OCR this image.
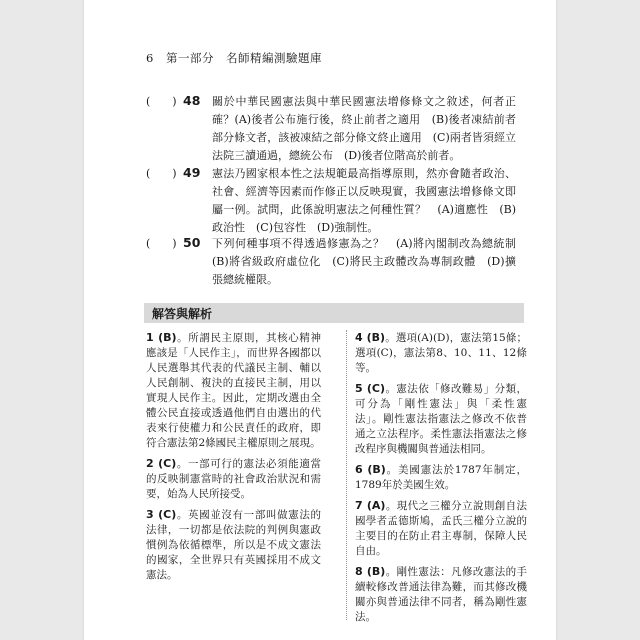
6 第一部分　名師精編測驗題庫
(　　) 48 關於中華民國憲法與中華民國憲法增修條文之敘述，何者正確？(A)後者公布施行後，終止前者之適用　(B)後者凍結前者部分條文者，該被凍結之部分條文終止適用　(C)兩者皆須經立法院三讀通過，總統公布　(D)後者位階高於前者。
(　　) 49 憲法乃國家根本性之法規範最高指導原則，然亦會隨者政治、社會、經濟等因素而作修正以反映現實，我國憲法增修條文即屬一例。試問，此係說明憲法之何種性質？　(A)適應性　(B)政治性　(C)包容性　(D)強制性。
(　　) 50 下列何種事項不得透過修憲為之？　(A)將內閣制改為總統制　(B)將省級政府虛位化　(C)將民主政體改為專制政體　(D)擴張總統權限。
解答與解析
1 (B)。所謂民主原則，其核心精神應該是「人民作主」，而世界各國都以人民選舉其代表的代議民主制、輔以人民創制、複決的直接民主制，用以實現人民作主。因此，定期改選由全體公民直接或透過他們自由選出的代表來行使權力和公民責任的政府，即符合憲法第2條國民主權原則之展現。
2 (C)。一部可行的憲法必須能適當的反映制憲當時的社會政治狀況和需要，始為人民所接受。
3 (C)。英國並沒有一部叫做憲法的法律，一切都是依法院的判例與憲政慣例為依循標準，所以是不成文憲法的國家，全世界只有英國採用不成文憲法。
4 (B)。選項(A)(D)，憲法第15條；選項(C)，憲法第8、10、11、12條等。
5 (C)。憲法依「修改難易」分類，可分為「剛性憲法」與「柔性憲法」。剛性憲法指憲法之修改不依普通之立法程序。柔性憲法指憲法之修改程序與機關與普通法相同。
6 (B)。美國憲法於1787年制定，1789年於美國生效。
7 (A)。現代之三權分立說則創自法國學者孟德斯鳩，孟氏三權分立說的主要目的在防止君主專制，保障人民自由。
8 (B)。剛性憲法：凡修改憲法的手續較修改普通法律為難，而其修改機關亦與普通法律不同者，稱為剛性憲法。
